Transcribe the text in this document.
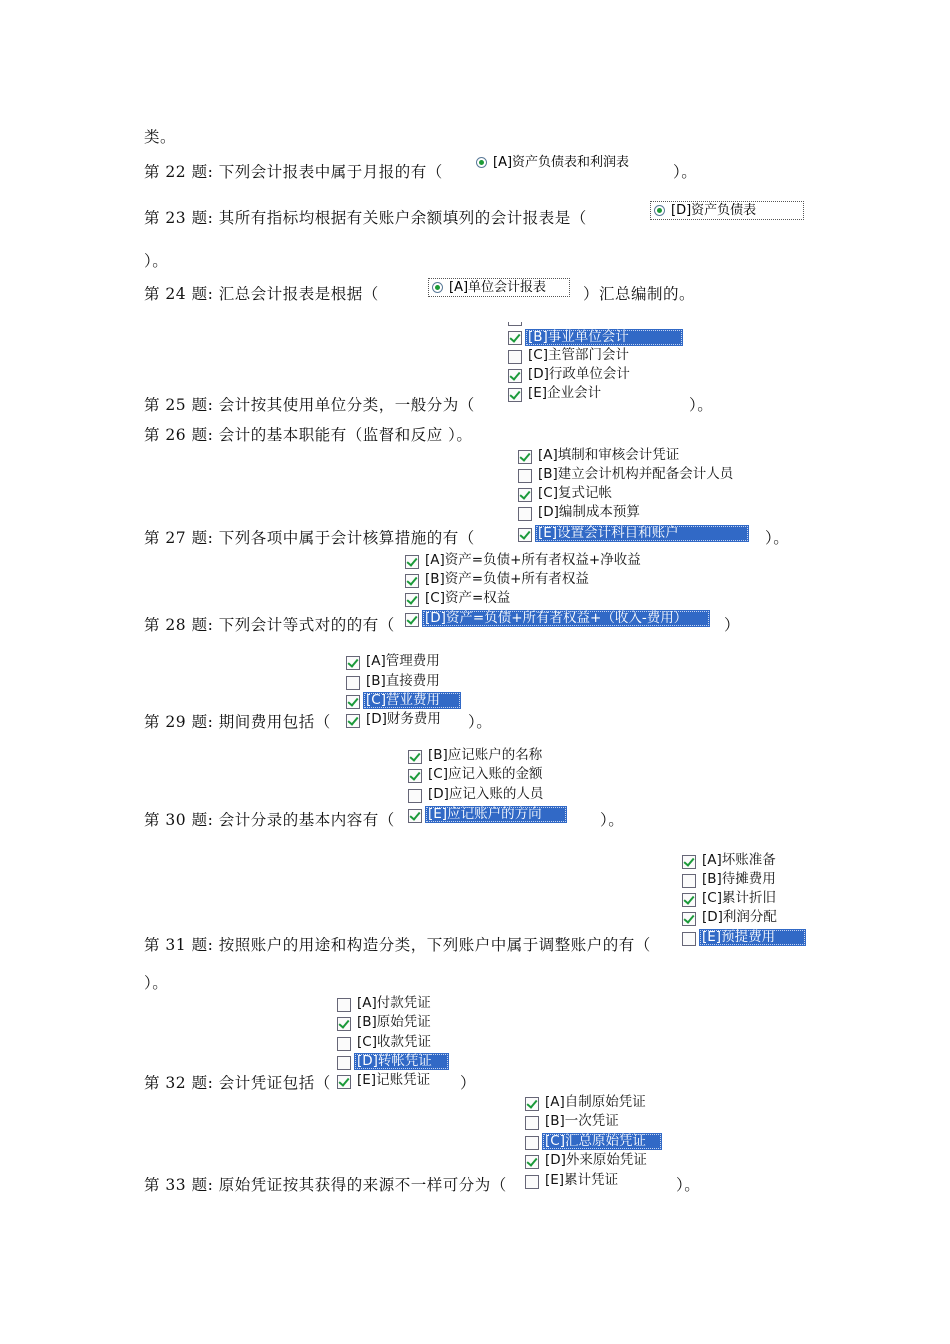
类。
第 22 题: 下列会计报表中属于月报的有（
[A]资产负债表和利润表
）。
第 23 题: 其所有指标均根据有关账户余额填列的会计报表是（	[D]资产负债表
）。
第 24 题: 汇总会计报表是根据（	[A]单位会计报表 ）汇总编制的。
[B]事业单位会计
[C]主管部门会计
[D]行政单位会计
[E]企业会计
第 25 题: 会计按其使用单位分类，一般分为（	）。
第 26 题: 会计的基本职能有（监督和反应 ）。
[A]填制和审核会计凭证
[B]建立会计机构并配备会计人员
[C]复式记帐
[D]编制成本预算
[E]设置会计科目和账户
第 27 题: 下列各项中属于会计核算措施的有（	）。
[A]资产=负债+所有者权益+净收益
[B]资产=负债+所有者权益
[C]资产=权益
[D]资产=负债+所有者权益+（收入-费用）
第 28 题: 下列会计等式对的的有（	）
[A]管理费用
[B]直接费用
[C]营业费用
[D]财务费用
第 29 题: 期间费用包括（	）。
[B]应记账户的名称
[C]应记入账的金额
[D]应记入账的人员
[E]应记账户的方向
第 30 题: 会计分录的基本内容有（	）。
[A]坏账准备
[B]待摊费用
[C]累计折旧
[D]利润分配
[E]预提费用
第 31 题: 按照账户的用途和构造分类，下列账户中属于调整账户的有（
）。
[A]付款凭证
[B]原始凭证
[C]收款凭证
[D]转帐凭证
[E]记账凭证
第 32 题: 会计凭证包括（	）
[A]自制原始凭证
[B]一次凭证
[C]汇总原始凭证
[D]外来原始凭证
[E]累计凭证
第 33 题: 原始凭证按其获得的来源不一样可分为（	）。
